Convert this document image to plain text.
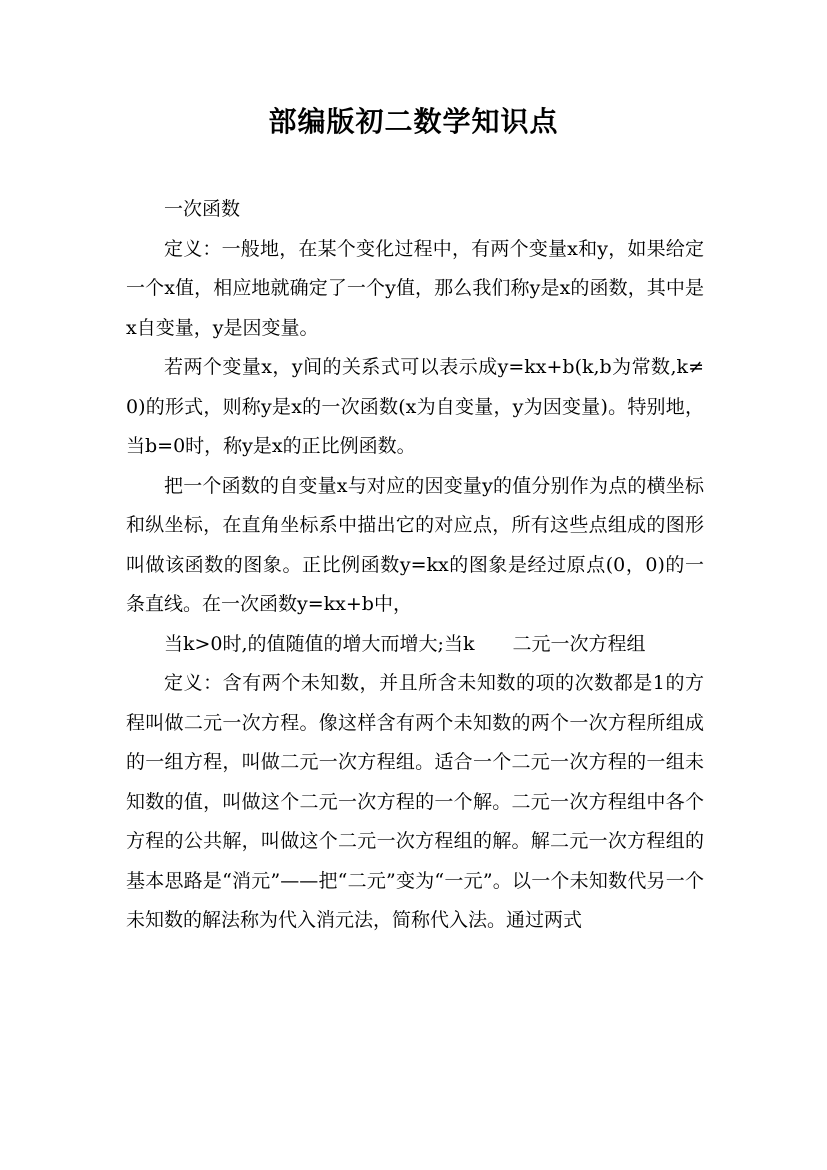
部编版初二数学知识点

一次函数

定义：一般地，在某个变化过程中，有两个变量x和y，如果给定一个x值，相应地就确定了一个y值，那么我们称y是x的函数，其中是x自变量，y是因变量。

若两个变量x，y间的关系式可以表示成y=kx+b(k,b为常数,k≠0)的形式，则称y是x的一次函数(x为自变量，y为因变量)。特别地，当b=0时，称y是x的正比例函数。

把一个函数的自变量x与对应的因变量y的值分别作为点的横坐标和纵坐标，在直角坐标系中描出它的对应点，所有这些点组成的图形叫做该函数的图象。正比例函数y=kx的图象是经过原点(0，0)的一条直线。在一次函数y=kx+b中，

当k>0时,的值随值的增大而增大;当k　　二元一次方程组

定义：含有两个未知数，并且所含未知数的项的次数都是1的方程叫做二元一次方程。像这样含有两个未知数的两个一次方程所组成的一组方程，叫做二元一次方程组。适合一个二元一次方程的一组未知数的值，叫做这个二元一次方程的一个解。二元一次方程组中各个方程的公共解，叫做这个二元一次方程组的解。解二元一次方程组的基本思路是“消元”——把“二元”变为“一元”。以一个未知数代另一个未知数的解法称为代入消元法，简称代入法。通过两式
